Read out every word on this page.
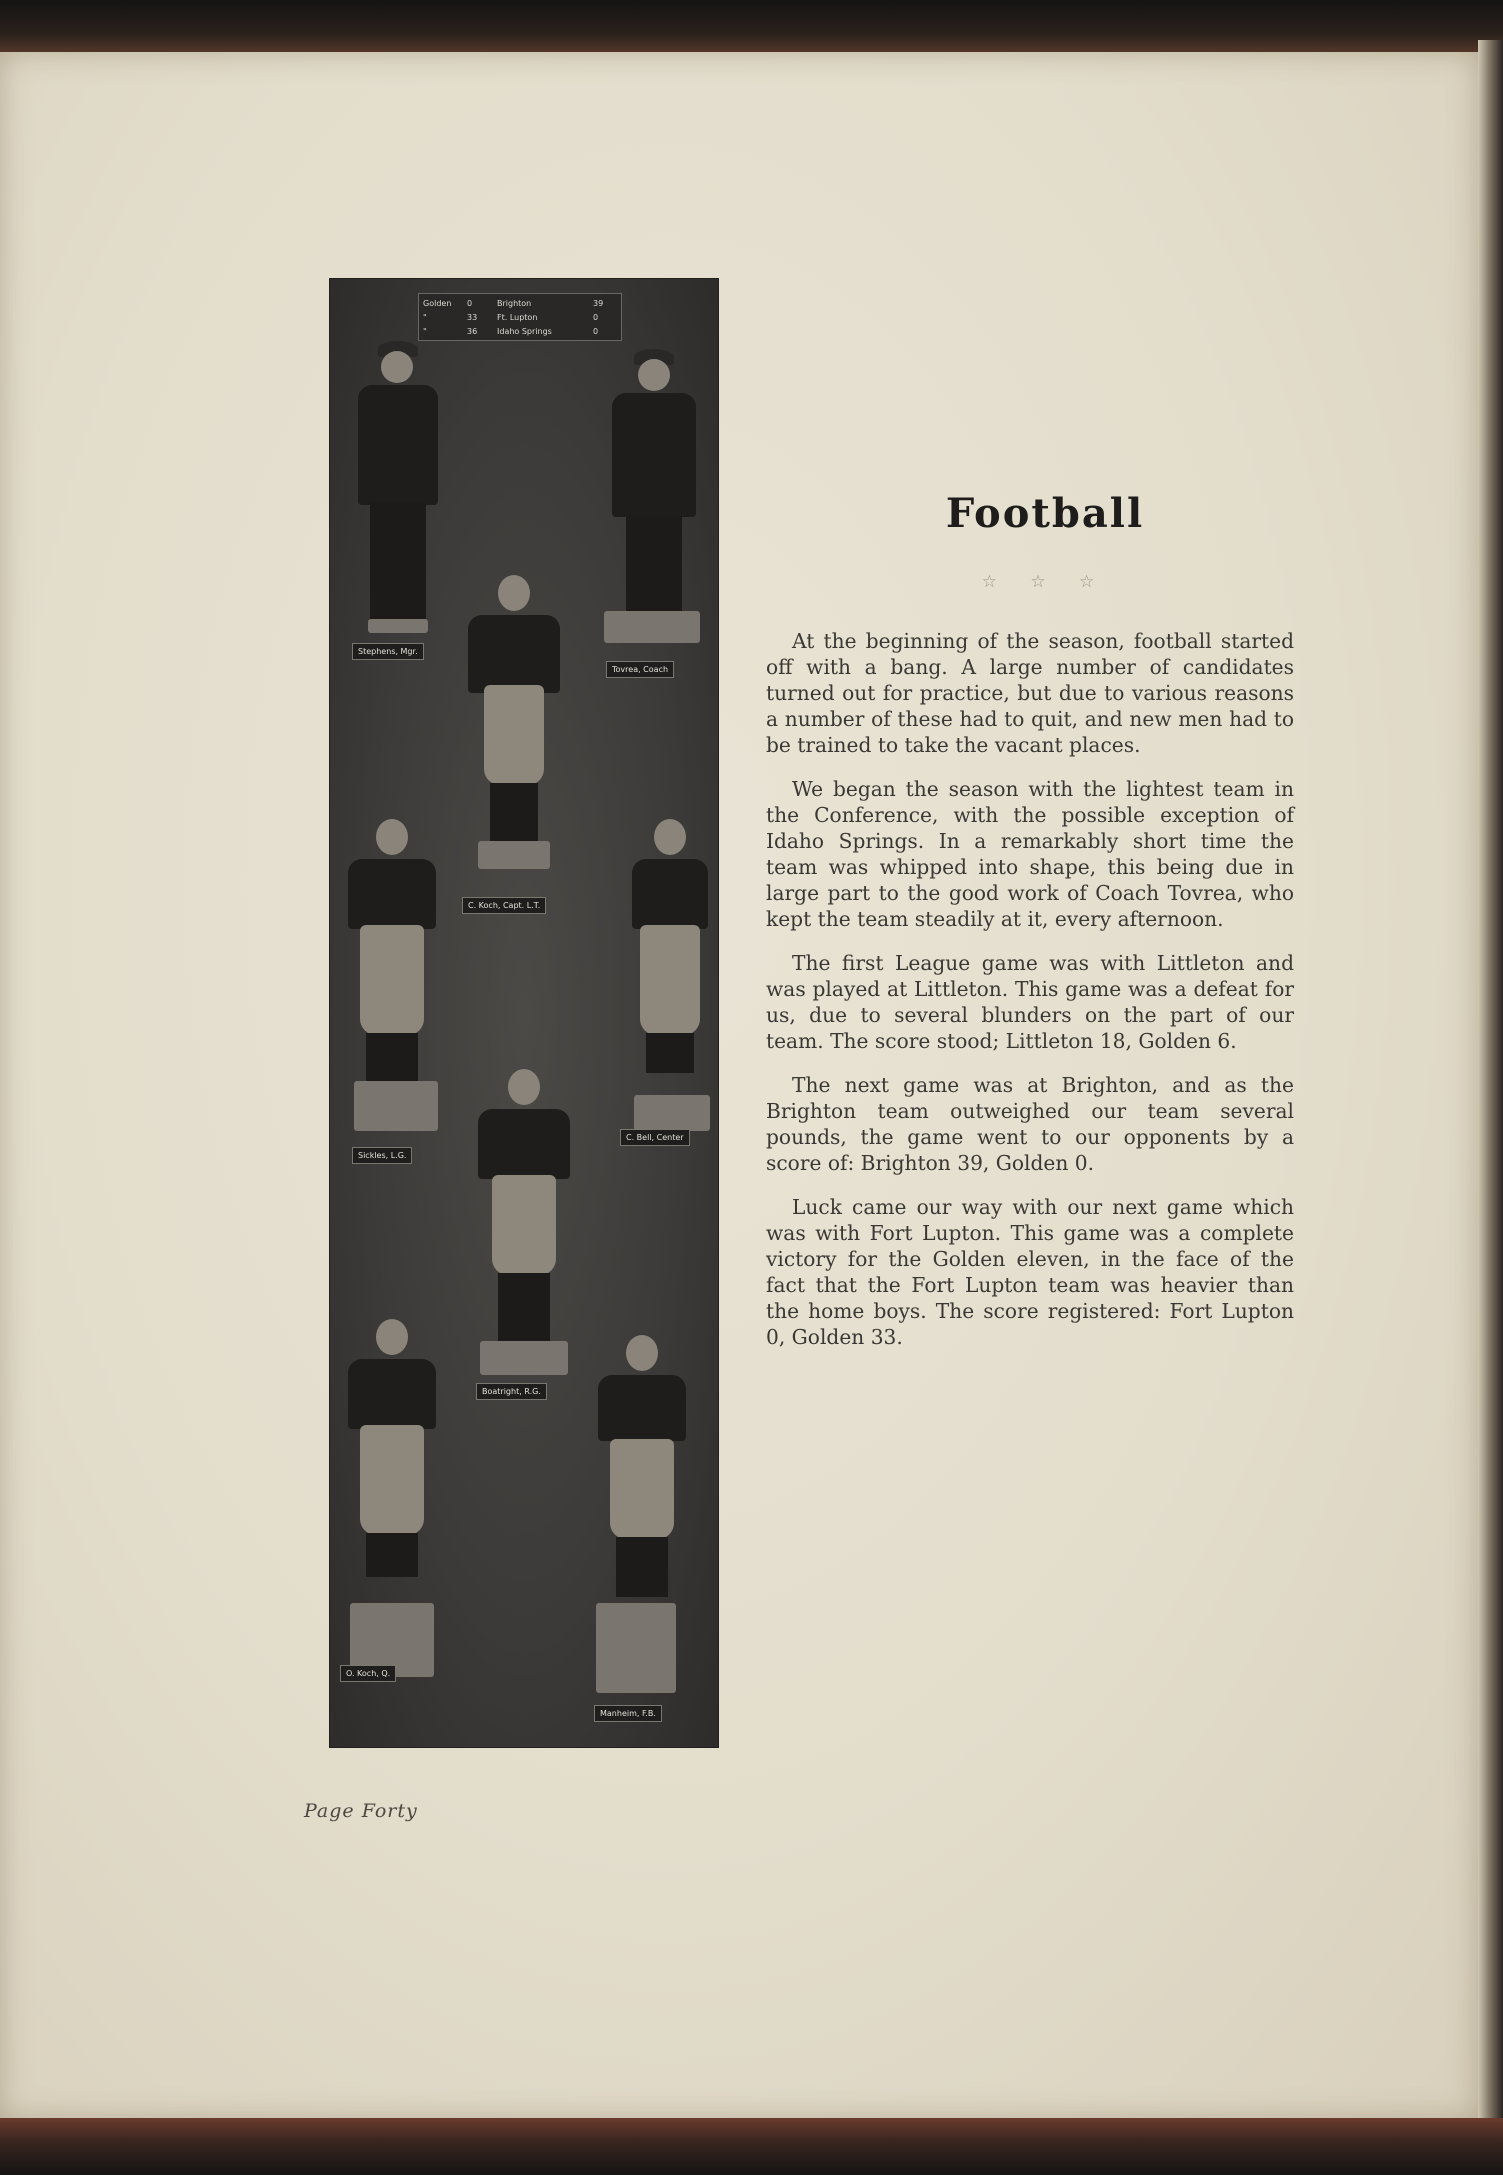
Golden	0	Brighton	39
"	33	Ft. Lupton	0
"	36	Idaho Springs	0
Stephens, Mgr.
Tovrea, Coach
C. Koch, Capt. L.T.
Sickles, L.G.
C. Bell, Center
Boatright, R.G.
O. Koch, Q.
Manheim, F.B.
Football
☆ ☆ ☆

At the beginning of the season, football started off with a bang. A large number of candidates turned out for practice, but due to various reasons a number of these had to quit, and new men had to be trained to take the vacant places.

We began the season with the lightest team in the Conference, with the possible exception of Idaho Springs. In a remarkably short time the team was whipped into shape, this being due in large part to the good work of Coach Tovrea, who kept the team steadily at it, every afternoon.

The first League game was with Littleton and was played at Littleton. This game was a defeat for us, due to several blunders on the part of our team. The score stood; Littleton 18, Golden 6.

The next game was at Brighton, and as the Brighton team outweighed our team several pounds, the game went to our opponents by a score of: Brighton 39, Golden 0.

Luck came our way with our next game which was with Fort Lupton. This game was a complete victory for the Golden eleven, in the face of the fact that the Fort Lupton team was heavier than the home boys. The score registered: Fort Lupton 0, Golden 33.

Page Forty
